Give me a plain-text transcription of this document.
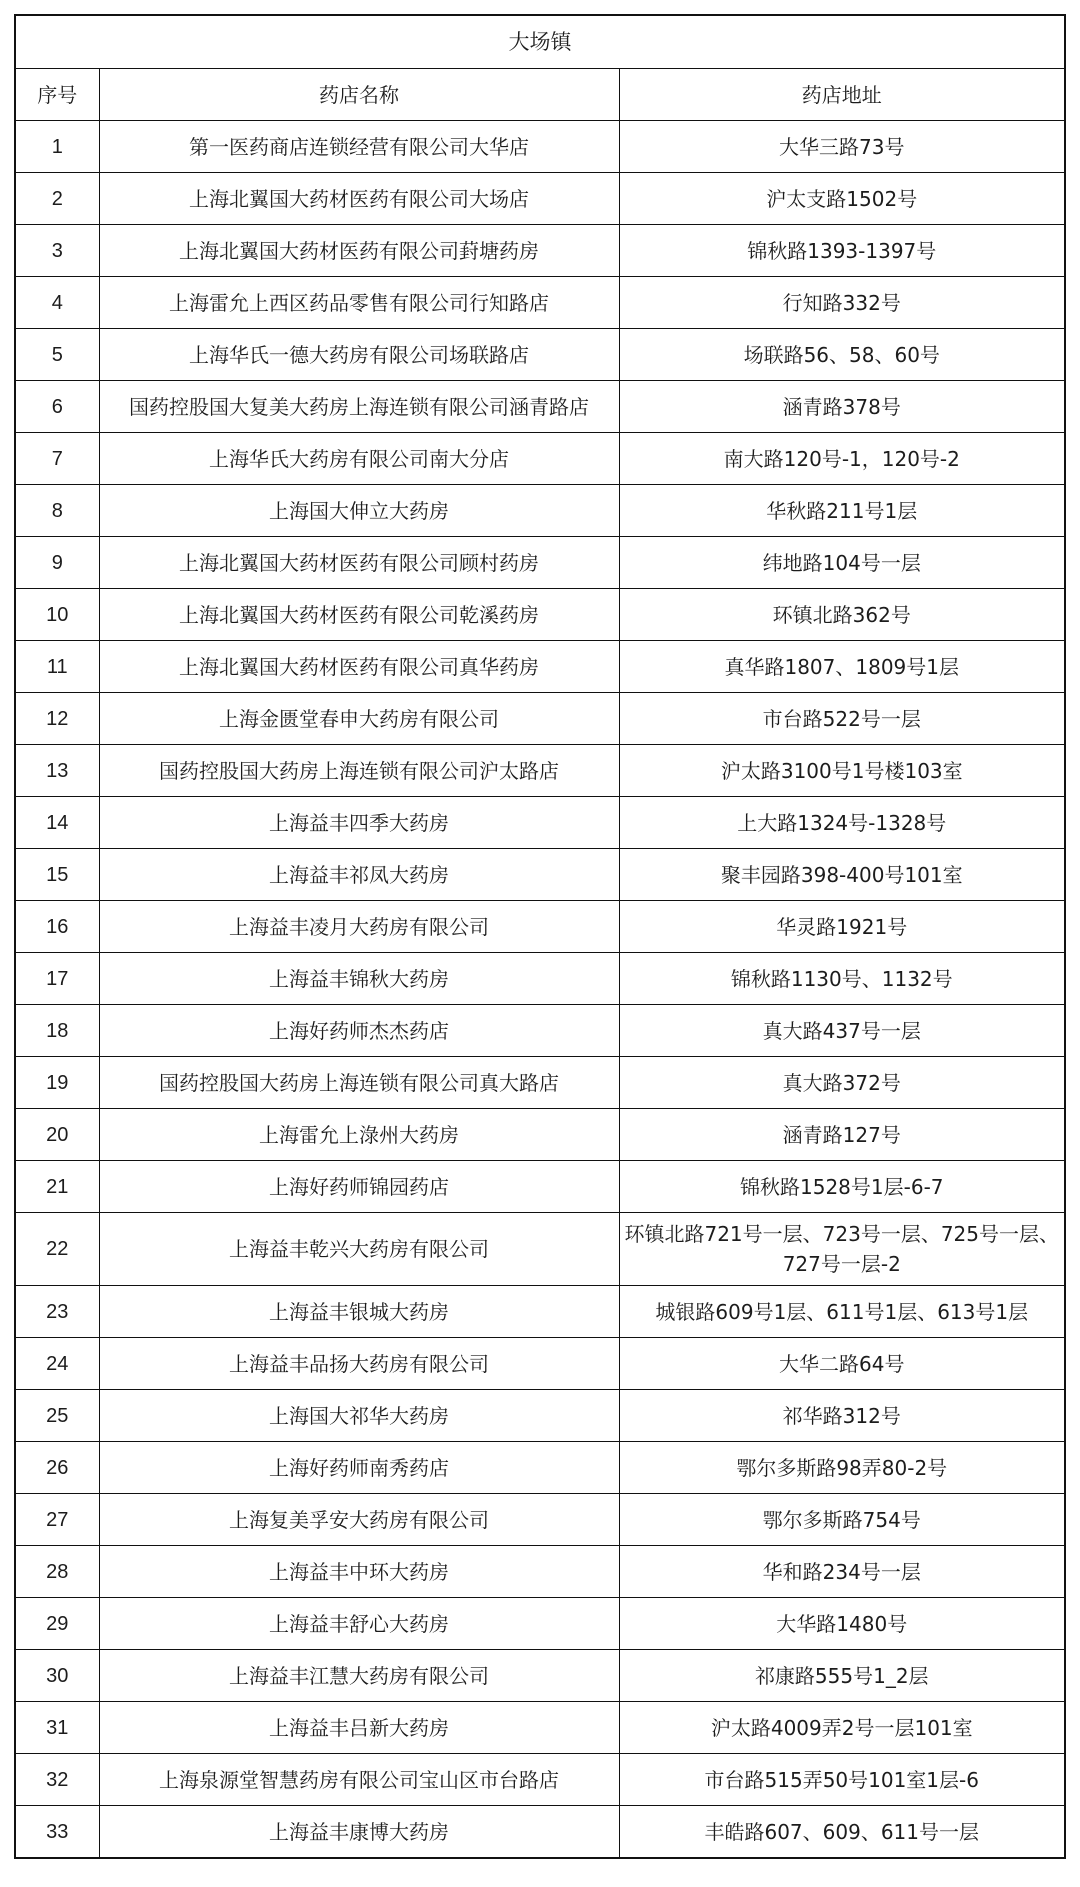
大场镇		
序号	药店名称	药店地址
1	第一医药商店连锁经营有限公司大华店	大华三路73号
2	上海北翼国大药材医药有限公司大场店	沪太支路1502号
3	上海北翼国大药材医药有限公司葑塘药房	锦秋路1393-1397号
4	上海雷允上西区药品零售有限公司行知路店	行知路332号
5	上海华氏一德大药房有限公司场联路店	场联路56、58、60号
6	国药控股国大复美大药房上海连锁有限公司涵青路店	涵青路378号
7	上海华氏大药房有限公司南大分店	南大路120号-1，120号-2
8	上海国大伸立大药房	华秋路211号1层
9	上海北翼国大药材医药有限公司顾村药房	纬地路104号一层
10	上海北翼国大药材医药有限公司乾溪药房	环镇北路362号
11	上海北翼国大药材医药有限公司真华药房	真华路1807、1809号1层
12	上海金匮堂春申大药房有限公司	市台路522号一层
13	国药控股国大药房上海连锁有限公司沪太路店	沪太路3100号1号楼103室
14	上海益丰四季大药房	上大路1324号-1328号
15	上海益丰祁凤大药房	聚丰园路398-400号101室
16	上海益丰凌月大药房有限公司	华灵路1921号
17	上海益丰锦秋大药房	锦秋路1130号、1132号
18	上海好药师杰杰药店	真大路437号一层
19	国药控股国大药房上海连锁有限公司真大路店	真大路372号
20	上海雷允上淥州大药房	涵青路127号
21	上海好药师锦园药店	锦秋路1528号1层-6-7
22	上海益丰乾兴大药房有限公司	环镇北路721号一层、723号一层、725号一层、727号一层-2
23	上海益丰银城大药房	城银路609号1层、611号1层、613号1层
24	上海益丰品扬大药房有限公司	大华二路64号
25	上海国大祁华大药房	祁华路312号
26	上海好药师南秀药店	鄂尔多斯路98弄80-2号
27	上海复美孚安大药房有限公司	鄂尔多斯路754号
28	上海益丰中环大药房	华和路234号一层
29	上海益丰舒心大药房	大华路1480号
30	上海益丰江慧大药房有限公司	祁康路555号1_2层
31	上海益丰吕新大药房	沪太路4009弄2号一层101室
32	上海泉源堂智慧药房有限公司宝山区市台路店	市台路515弄50号101室1层-6
33	上海益丰康博大药房	丰皓路607、609、611号一层
